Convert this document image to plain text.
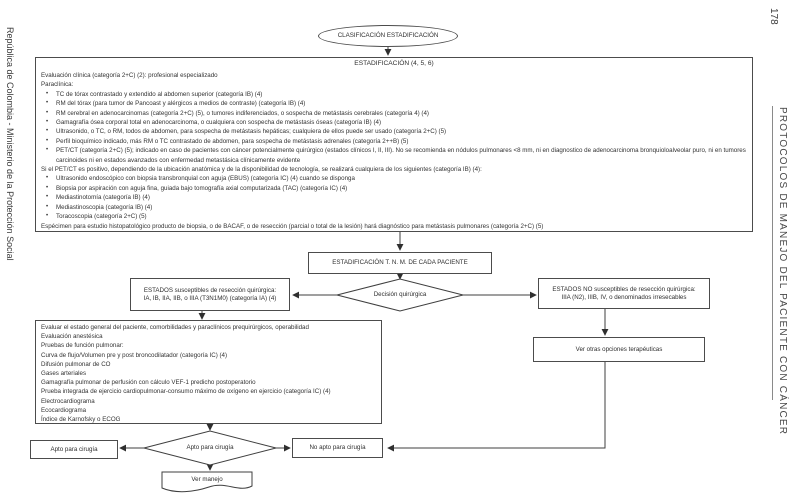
República de Colombia - Ministerio de la Protección Social
178
PROTOCOLOS DE MANEJO DEL PACIENTE CON CÁNCER
CLASIFICACIÓN ESTADIFICACIÓN
ESTADIFICACIÓN (4, 5, 6)
Evaluación clínica (categoría 2+C) (2): profesional especializado
Paraclínica:
• TC de tórax contrastado y extendido al abdomen superior (categoría IB) (4)
• RM del tórax (para tumor de Pancoast y alérgicos a medios de contraste) (categoría IB) (4)
• RM cerebral en adenocarcinomas (categoría 2+C) (5), o tumores indiferenciados, o sospecha de metástasis cerebrales (categoría 4) (4)
• Gamagrafía ósea corporal total en adenocarcinoma, o cualquiera con sospecha de metástasis óseas (categoría IB) (4)
• Ultrasonido, o TC, o RM, todos de abdomen, para sospecha de metástasis hepáticas; cualquiera de ellos puede ser usado (categoría 2+C) (5)
• Perfil bioquímico indicado, más RM o TC contrastado de abdomen, para sospecha de metástasis adrenales (categoría 2++B) (5)
• PET/CT (categoría 2+C) (5); indicado en caso de pacientes con cáncer potencialmente quirúrgico (estados clínicos I, II, III). No se recomienda en nódulos pulmonares <8 mm, ni en diagnostico de adenocarcinoma bronquioloalveolar puro, ni en tumores carcinoides ni en estados avanzados con enfermedad metastásica clínicamente evidente
Si el PET/CT es positivo, dependiendo de la ubicación anatómica y de la disponibilidad de tecnología, se realizará cualquiera de los siguientes (categoría IB) (4):
• Ultrasonido endoscópico con biopsia transbronquial con aguja (EBUS) (categoría IC) (4) cuando se disponga
• Biopsia por aspiración con aguja fina, guiada bajo tomografía axial computarizada (TAC) (categoría IC) (4)
• Mediastinotomía (categoría IB) (4)
• Mediastinoscopia (categoría IB) (4)
• Toracoscopia (categoría 2+C) (5)
Espécimen para estudio histopatológico producto de biopsia, o de BACAF, o de resección (parcial o total de la lesión) hará diagnóstico para metástasis pulmonares (categoría 2+C) (5)
ESTADIFICACIÓN T. N. M. DE CADA PACIENTE
Decisión quirúrgica
ESTADOS susceptibles de resección quirúrgica:
IA, IB, IIA, IIB, o IIIA (T3N1M0) (categoría IA) (4)
ESTADOS NO susceptibles de resección quirúrgica:
IIIA (N2), IIIB, IV, o denominados irresecables
Evaluar el estado general del paciente, comorbilidades y paraclínicos prequirúrgicos, operabilidad
Evaluación anestésica
Pruebas de función pulmonar:
Curva de flujo/Volumen pre y post broncodilatador (categoría IC) (4)
Difusión pulmonar de CO
Gases arteriales
Gamagrafía pulmonar de perfusión con cálculo VEF-1 predicho postoperatorio
Prueba integrada de ejercicio cardiopulmonar-consumo máximo de oxígeno en ejercicio (categoría IC) (4)
Electrocardiograma
Ecocardiograma
Índice de Karnofsky o ECOG
Ver otras opciones terapéuticas
Apto para cirugía
Apto para cirugía	No apto para cirugía
Ver manejo
